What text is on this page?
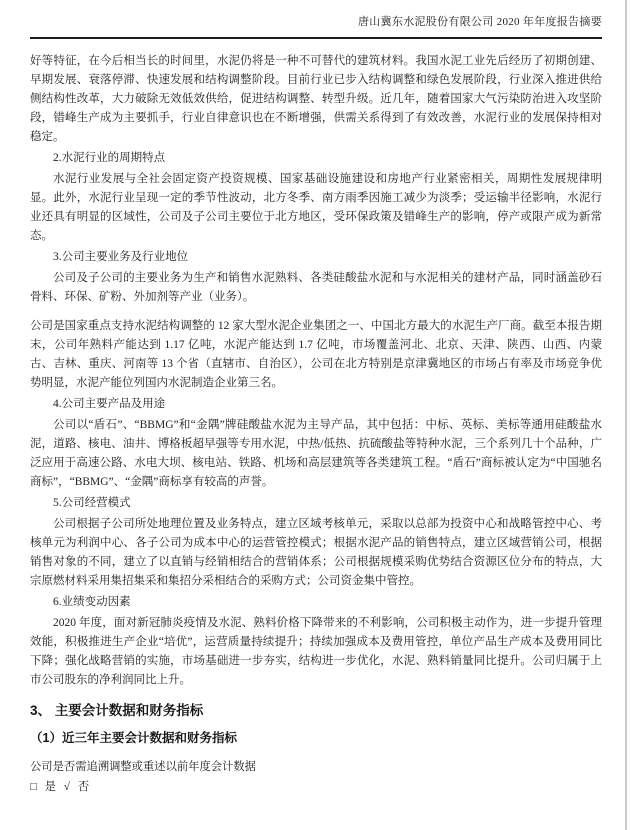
唐山冀东水泥股份有限公司 2020 年年度报告摘要

好等特征，在今后相当长的时间里，水泥仍将是一种不可替代的建筑材料。我国水泥工业先后经历了初期创建、早期发展、衰落停滞、快速发展和结构调整阶段。目前行业已步入结构调整和绿色发展阶段，行业深入推进供给侧结构性改革，大力破除无效低效供给，促进结构调整、转型升级。近几年，随着国家大气污染防治进入攻坚阶段，错峰生产成为主要抓手，行业自律意识也在不断增强，供需关系得到了有效改善，水泥行业的发展保持相对稳定。

2.水泥行业的周期特点

水泥行业发展与全社会固定资产投资规模、国家基础设施建设和房地产行业紧密相关，周期性发展规律明显。此外，水泥行业呈现一定的季节性波动，北方冬季、南方雨季因施工减少为淡季；受运输半径影响，水泥行业还具有明显的区域性，公司及子公司主要位于北方地区，受环保政策及错峰生产的影响，停产或限产成为新常态。

3.公司主要业务及行业地位

公司及子公司的主要业务为生产和销售水泥熟料、各类硅酸盐水泥和与水泥相关的建材产品，同时涵盖砂石骨料、环保、矿粉、外加剂等产业（业务）。

公司是国家重点支持水泥结构调整的 12 家大型水泥企业集团之一、中国北方最大的水泥生产厂商。截至本报告期末，公司年熟料产能达到 1.17 亿吨，水泥产能达到 1.7 亿吨，市场覆盖河北、北京、天津、陕西、山西、内蒙古、吉林、重庆、河南等 13 个省（直辖市、自治区），公司在北方特别是京津冀地区的市场占有率及市场竞争优势明显，水泥产能位列国内水泥制造企业第三名。

4.公司主要产品及用途

公司以“盾石”、“BBMG”和“金隅”牌硅酸盐水泥为主导产品，其中包括：中标、英标、美标等通用硅酸盐水泥，道路、核电、油井、博格板超早强等专用水泥，中热/低热、抗硫酸盐等特种水泥，三个系列几十个品种，广泛应用于高速公路、水电大坝、核电站、铁路、机场和高层建筑等各类建筑工程。“盾石”商标被认定为“中国驰名商标”，“BBMG”、“金隅”商标享有较高的声誉。

5.公司经营模式

公司根据子公司所处地理位置及业务特点，建立区域考核单元，采取以总部为投资中心和战略管控中心、考核单元为利润中心、各子公司为成本中心的运营管控模式；根据水泥产品的销售特点，建立区域营销公司，根据销售对象的不同，建立了以直销与经销相结合的营销体系；公司根据规模采购优势结合资源区位分布的特点，大宗原燃材料采用集招集采和集招分采相结合的采购方式；公司资金集中管控。

6.业绩变动因素

2020 年度，面对新冠肺炎疫情及水泥、熟料价格下降带来的不利影响，公司积极主动作为，进一步提升管理效能，积极推进生产企业“培优”，运营质量持续提升；持续加强成本及费用管控，单位产品生产成本及费用同比下降；强化战略营销的实施，市场基础进一步夯实，结构进一步优化，水泥、熟料销量同比提升。公司归属于上市公司股东的净利润同比上升。

3、 主要会计数据和财务指标
（1）近三年主要会计数据和财务指标

公司是否需追溯调整或重述以前年度会计数据

□ 是 √ 否
